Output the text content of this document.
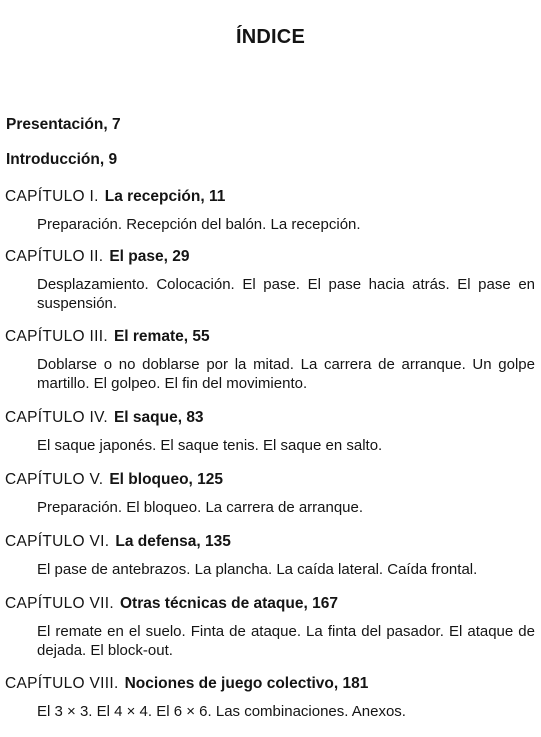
ÍNDICE
Presentación, 7
Introducción, 9
CAPÍTULO I. La recepción, 11
Preparación. Recepción del balón. La recepción.
CAPÍTULO II. El pase, 29
Desplazamiento. Colocación. El pase. El pase hacia atrás. El pase en suspensión.
CAPÍTULO III. El remate, 55
Doblarse o no doblarse por la mitad. La carrera de arranque. Un golpe martillo. El golpeo. El fin del movimiento.
CAPÍTULO IV. El saque, 83
El saque japonés. El saque tenis. El saque en salto.
CAPÍTULO V. El bloqueo, 125
Preparación. El bloqueo. La carrera de arranque.
CAPÍTULO VI. La defensa, 135
El pase de antebrazos. La plancha. La caída lateral. Caída frontal.
CAPÍTULO VII. Otras técnicas de ataque, 167
El remate en el suelo. Finta de ataque. La finta del pasador. El ataque de dejada. El block-out.
CAPÍTULO VIII. Nociones de juego colectivo, 181
El 3 × 3. El 4 × 4. El 6 × 6. Las combinaciones. Anexos.
